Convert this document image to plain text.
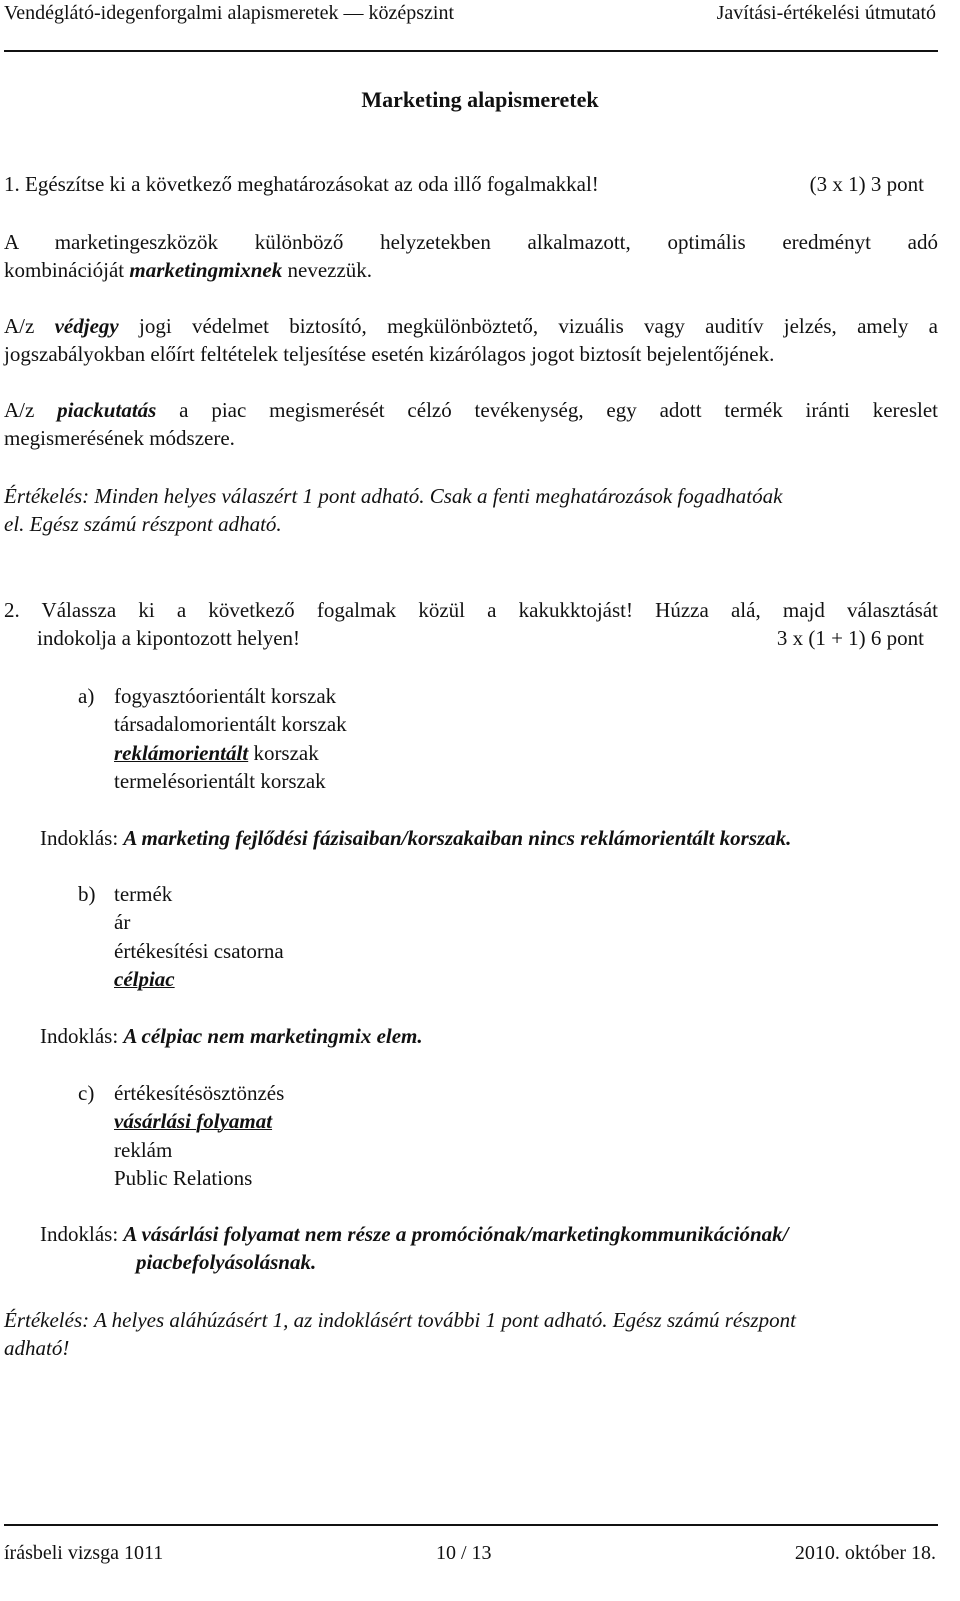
Vendéglátó-idegenforgalmi alapismeretek — középszint	Javítási-értékelési útmutató
Marketing alapismeretek
1. Egészítse ki a következő meghatározásokat az oda illő fogalmakkal!	(3 x 1) 3 pont
A marketingeszközök különböző helyzetekben alkalmazott, optimális eredményt adó
kombinációját marketingmixnek nevezzük.
A/z védjegy jogi védelmet biztosító, megkülönböztető, vizuális vagy auditív jelzés, amely a
jogszabályokban előírt feltételek teljesítése esetén kizárólagos jogot biztosít bejelentőjének.
A/z piackutatás a piac megismerését célzó tevékenység, egy adott termék iránti kereslet
megismerésének módszere.
Értékelés: Minden helyes válaszért 1 pont adható. Csak a fenti meghatározások fogadhatóak
el. Egész számú részpont adható.
2. Válassza ki a következő fogalmak közül a kakukktojást! Húzza alá, majd választását
indokolja a kipontozott helyen!	3 x (1 + 1) 6 pont
a) fogyasztóorientált korszak
társadalomorientált korszak
reklámorientált korszak
termelésorientált korszak
Indoklás: A marketing fejlődési fázisaiban/korszakaiban nincs reklámorientált korszak.
b) termék
ár
értékesítési csatorna
célpiac
Indoklás: A célpiac nem marketingmix elem.
c) értékesítésösztönzés
vásárlási folyamat
reklám
Public Relations
Indoklás: A vásárlási folyamat nem része a promóciónak/marketingkommunikációnak/
piacbefolyásolásnak.
Értékelés: A helyes aláhúzásért 1, az indoklásért további 1 pont adható. Egész számú részpont
adható!
írásbeli vizsga 1011	10 / 13	2010. október 18.
